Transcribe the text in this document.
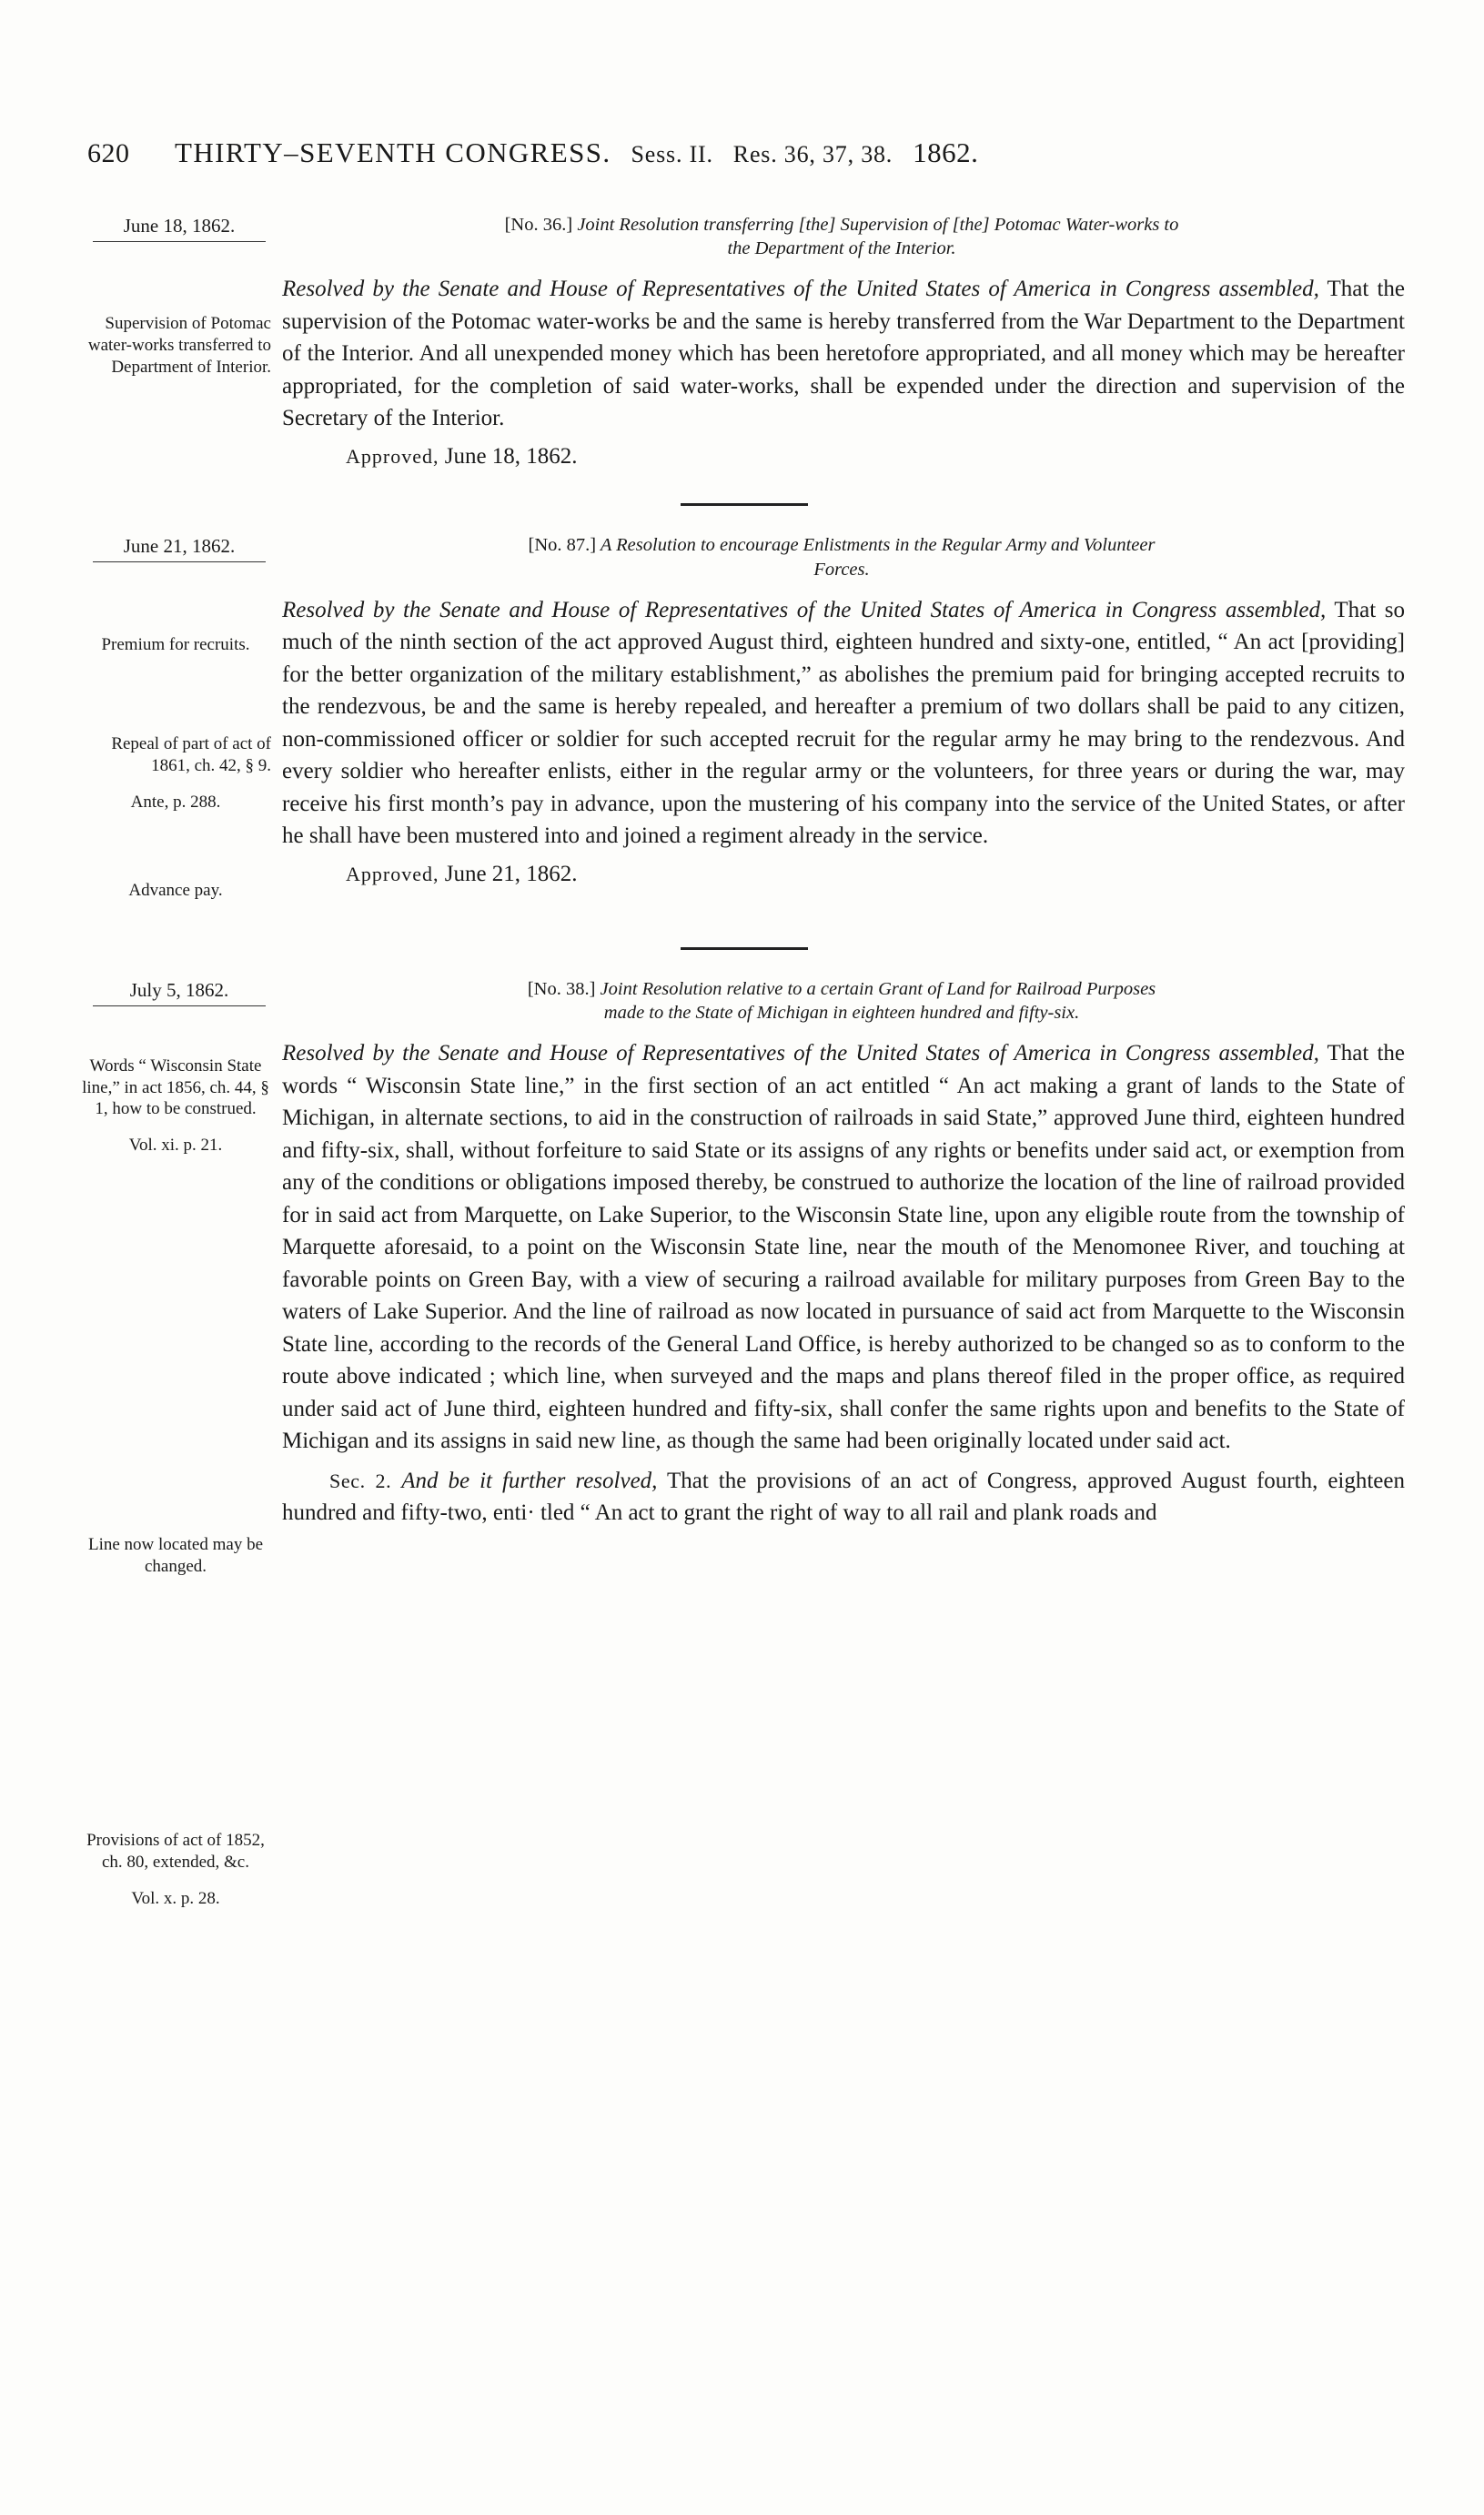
620	THIRTY–SEVENTH CONGRESS. Sess. II. Res. 36, 37, 38. 1862.
June 18, 1862.	[No. 36.] Joint Resolution transferring [the] Supervision of [the] Potomac Water-works to
the Department of the Interior.
Supervision of Potomac water-works transferred to Department of Interior.

Resolved by the Senate and House of Representatives of the United States of America in Congress assembled, That the supervision of the Potomac water-works be and the same is hereby transferred from the War Department to the Department of the Interior. And all unexpended money which has been heretofore appropriated, and all money which may be hereafter appropriated, for the completion of said water-works, shall be expended under the direction and supervision of the Secretary of the Interior.

Approved, June 18, 1862.
June 21, 1862.	[No. 87.] A Resolution to encourage Enlistments in the Regular Army and Volunteer
Forces.
Premium for recruits.
Repeal of part of act of 1861, ch. 42, § 9.
Ante, p. 288.
Advance pay.

Resolved by the Senate and House of Representatives of the United States of America in Congress assembled, That so much of the ninth section of the act approved August third, eighteen hundred and sixty-one, entitled, “ An act [providing] for the better organization of the military establishment,” as abolishes the premium paid for bringing accepted recruits to the rendezvous, be and the same is hereby repealed, and hereafter a premium of two dollars shall be paid to any citizen, non-commissioned officer or soldier for such accepted recruit for the regular army he may bring to the rendezvous. And every soldier who hereafter enlists, either in the regular army or the volunteers, for three years or during the war, may receive his first month’s pay in advance, upon the mustering of his company into the service of the United States, or after he shall have been mustered into and joined a regiment already in the service.

Approved, June 21, 1862.
July 5, 1862.	[No. 38.] Joint Resolution relative to a certain Grant of Land for Railroad Purposes
made to the State of Michigan in eighteen hundred and fifty-six.
Words “ Wisconsin State line,” in act 1856, ch. 44, § 1, how to be construed.
Vol. xi. p. 21.
Line now located may be changed.
Provisions of act of 1852, ch. 80, extended, &c.
Vol. x. p. 28.

Resolved by the Senate and House of Representatives of the United States of America in Congress assembled, That the words “ Wisconsin State line,” in the first section of an act entitled “ An act making a grant of lands to the State of Michigan, in alternate sections, to aid in the construction of railroads in said State,” approved June third, eighteen hundred and fifty-six, shall, without forfeiture to said State or its assigns of any rights or benefits under said act, or exemption from any of the conditions or obligations imposed thereby, be construed to authorize the location of the line of railroad provided for in said act from Marquette, on Lake Superior, to the Wisconsin State line, upon any eligible route from the township of Marquette aforesaid, to a point on the Wisconsin State line, near the mouth of the Menomonee River, and touching at favorable points on Green Bay, with a view of securing a railroad available for military purposes from Green Bay to the waters of Lake Superior. And the line of railroad as now located in pursuance of said act from Marquette to the Wisconsin State line, according to the records of the General Land Office, is hereby authorized to be changed so as to conform to the route above indicated ; which line, when surveyed and the maps and plans thereof filed in the proper office, as required under said act of June third, eighteen hundred and fifty-six, shall confer the same rights upon and benefits to the State of Michigan and its assigns in said new line, as though the same had been originally located under said act.

Sec. 2. And be it further resolved, That the provisions of an act of Congress, approved August fourth, eighteen hundred and fifty-two, enti· tled “ An act to grant the right of way to all rail and plank roads and
